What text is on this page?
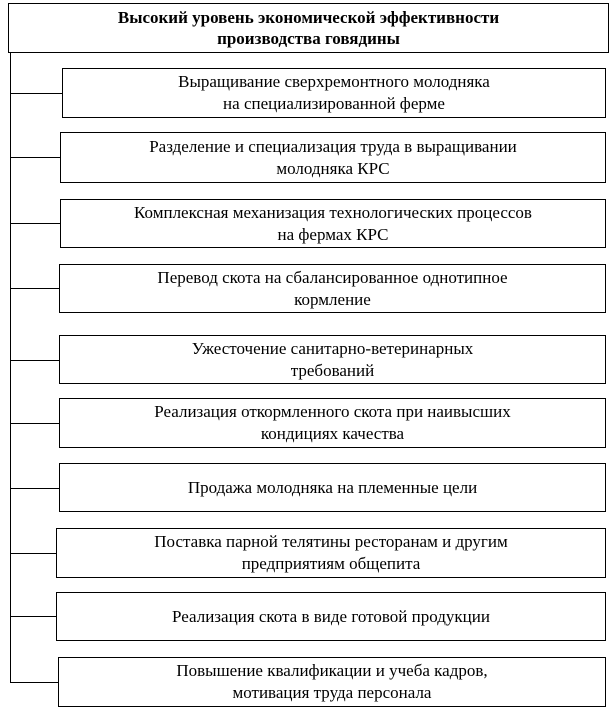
Высокий уровень экономической эффективности
производства говядины
Выращивание сверхремонтного молодняка
на специализированной ферме
Разделение и специализация труда в выращивании
молодняка КРС
Комплексная механизация технологических процессов
на фермах КРС
Перевод скота на сбалансированное однотипное
кормление
Ужесточение санитарно-ветеринарных
требований
Реализация откормленного скота при наивысших
кондициях качества
Продажа молодняка на племенные цели
Поставка парной телятины ресторанам и другим
предприятиям общепита
Реализация скота в виде готовой продукции
Повышение квалификации и учеба кадров,
мотивация труда персонала
